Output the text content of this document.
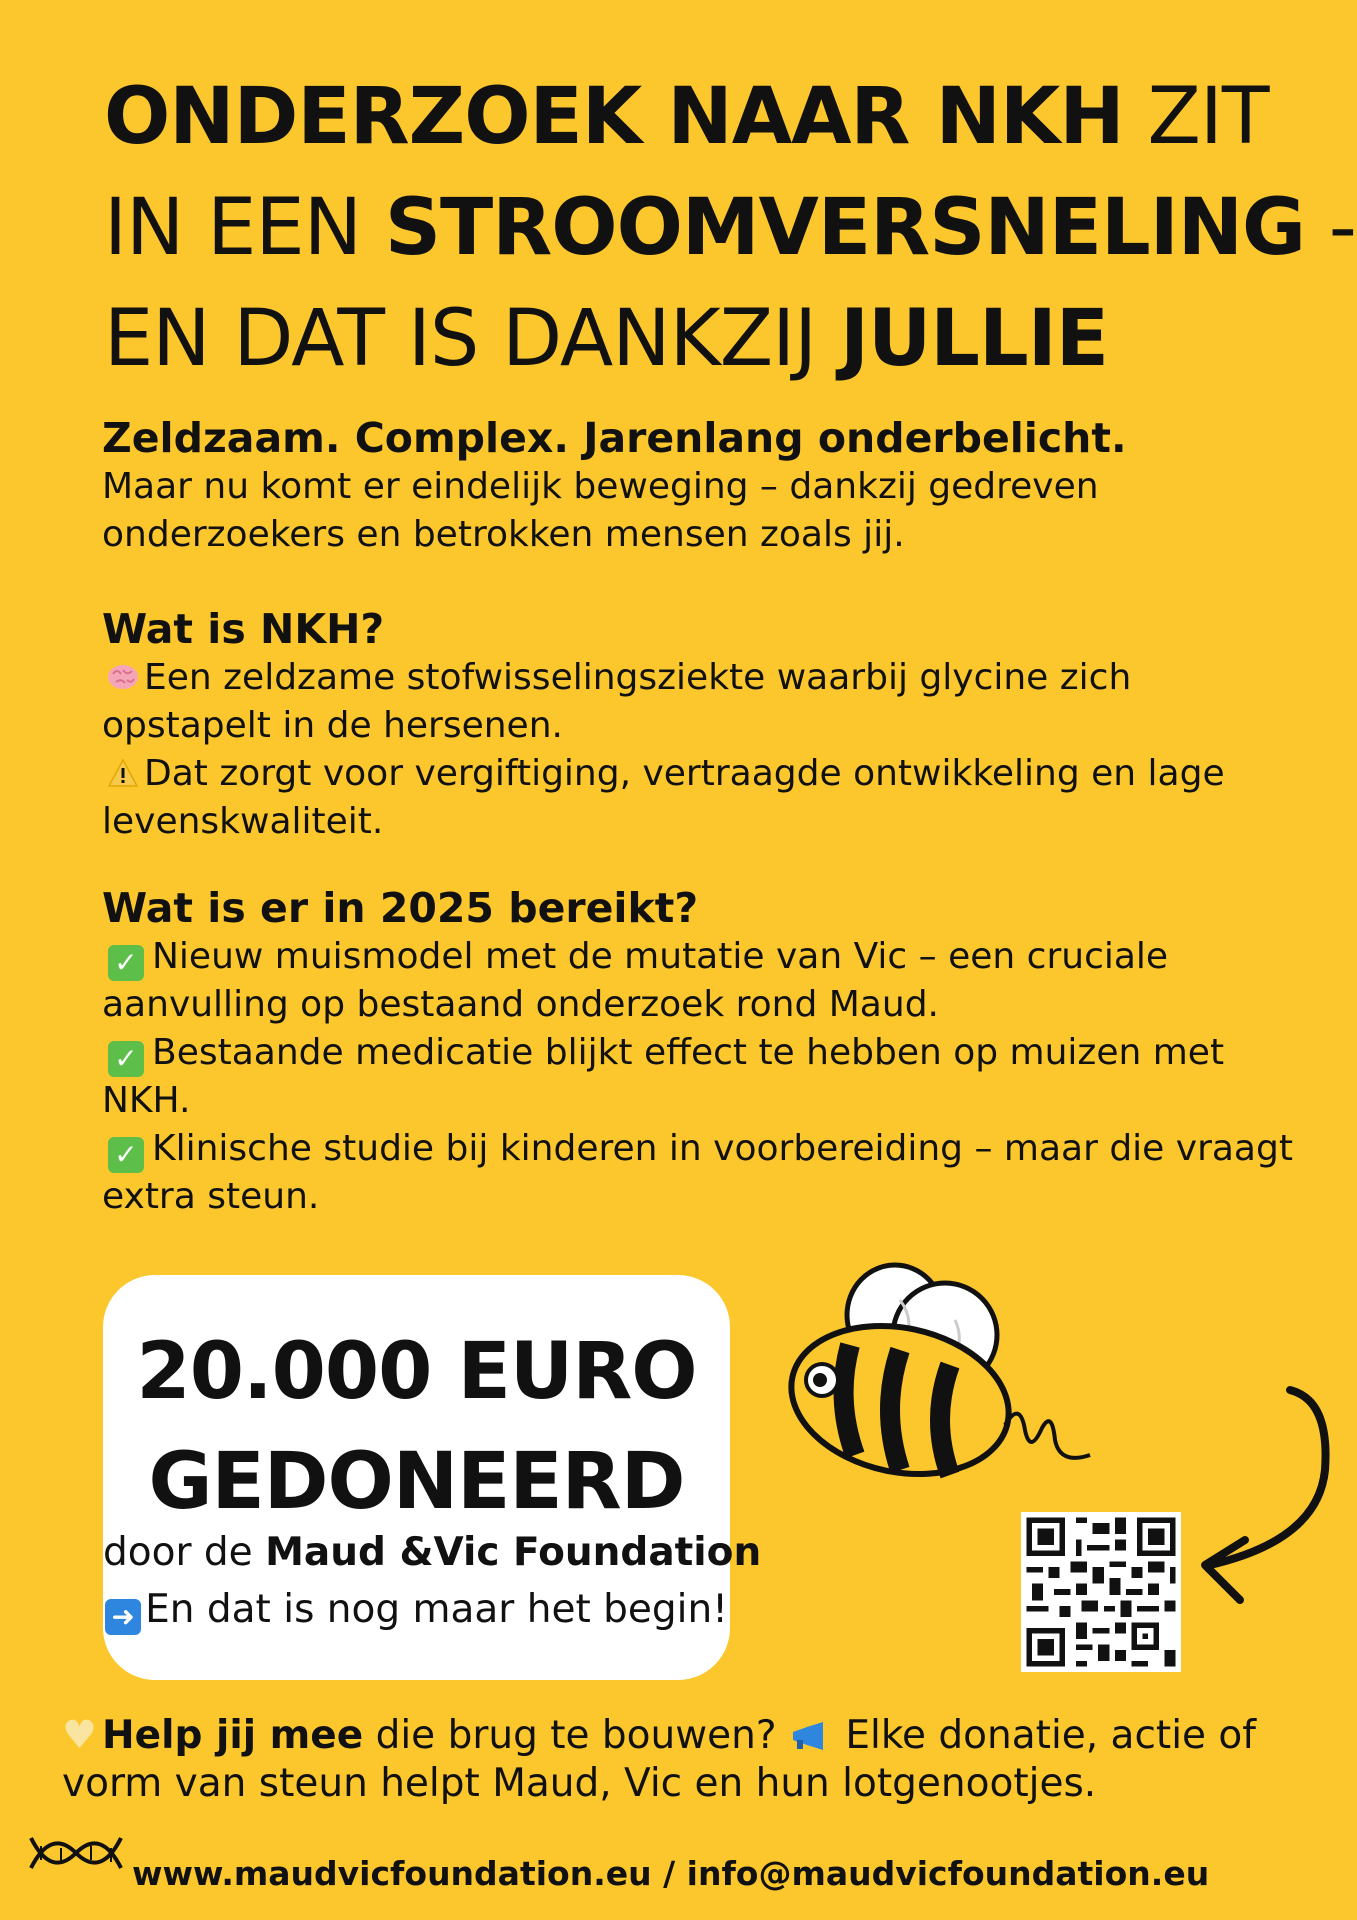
ONDERZOEK NAAR NKH ZIT
IN EEN STROOMVERSNELING -
EN DAT IS DANKZIJ JULLIE
Zeldzaam. Complex. Jarenlang onderbelicht.

Maar nu komt er eindelijk beweging – dankzij gedreven onderzoekers en betrokken mensen zoals jij.

Wat is NKH?

Een zeldzame stofwisselingsziekte waarbij glycine zich opstapelt in de hersenen.

Dat zorgt voor vergiftiging, vertraagde ontwikkeling en lage levenskwaliteit.

Wat is er in 2025 bereikt?

✓ Nieuw muismodel met de mutatie van Vic – een cruciale aanvulling op bestaand onderzoek rond Maud.

✓ Bestaande medicatie blijkt effect te hebben op muizen met NKH.

✓ Klinische studie bij kinderen in voorbereiding – maar die vraagt extra steun.

20.000 EURO
GEDONEERD
door de Maud &Vic Foundation
➜ En dat is nog maar het begin!
♥ Help jij mee die brug te bouwen?  Elke donatie, actie of vorm van steun helpt Maud, Vic en hun lotgenootjes.
www.maudvicfoundation.eu / info@maudvicfoundation.eu
